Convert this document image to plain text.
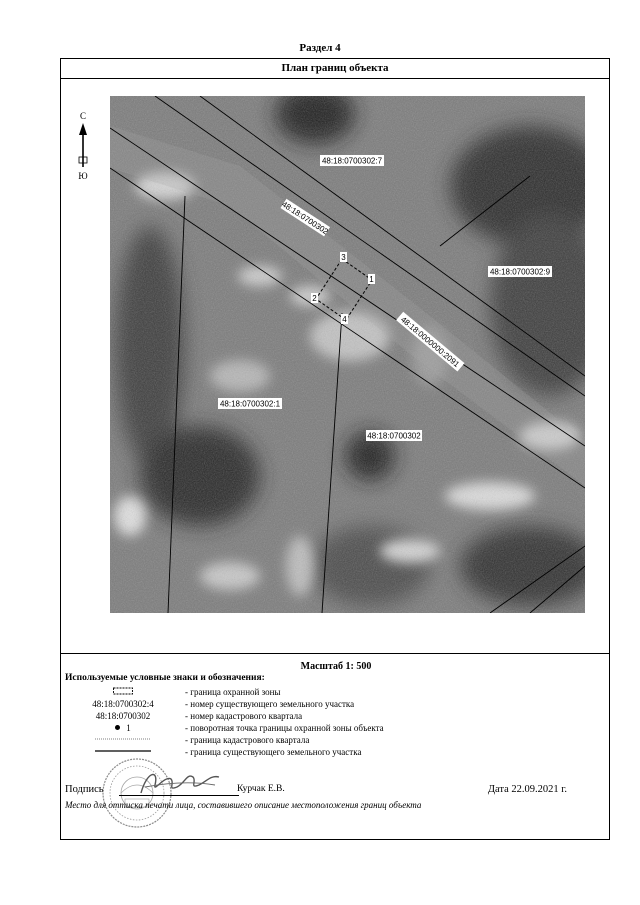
Раздел 4
План границ объекта
С
Ю
48:18:0700302:7
48:18:0700302
48:18:0700302:9
48:18:0000000:2091
48:18:0700302:1
48:18:0700302
3
1
2
4
Масштаб 1: 500
Используемые условные знаки и обозначения:
- граница охранной зоны
48:18:0700302:4	- номер существующего земельного участка
48:18:0700302	- номер кадастрового квартала
1	- поворотная точка границы охранной зоны объекта
- граница кадастрового квартала
- граница существующего земельного участка
Подпись	Курчак Е.В.	Дата 22.09.2021 г.
Место для оттиска печати лица, составившего описание местоположения границ объекта
